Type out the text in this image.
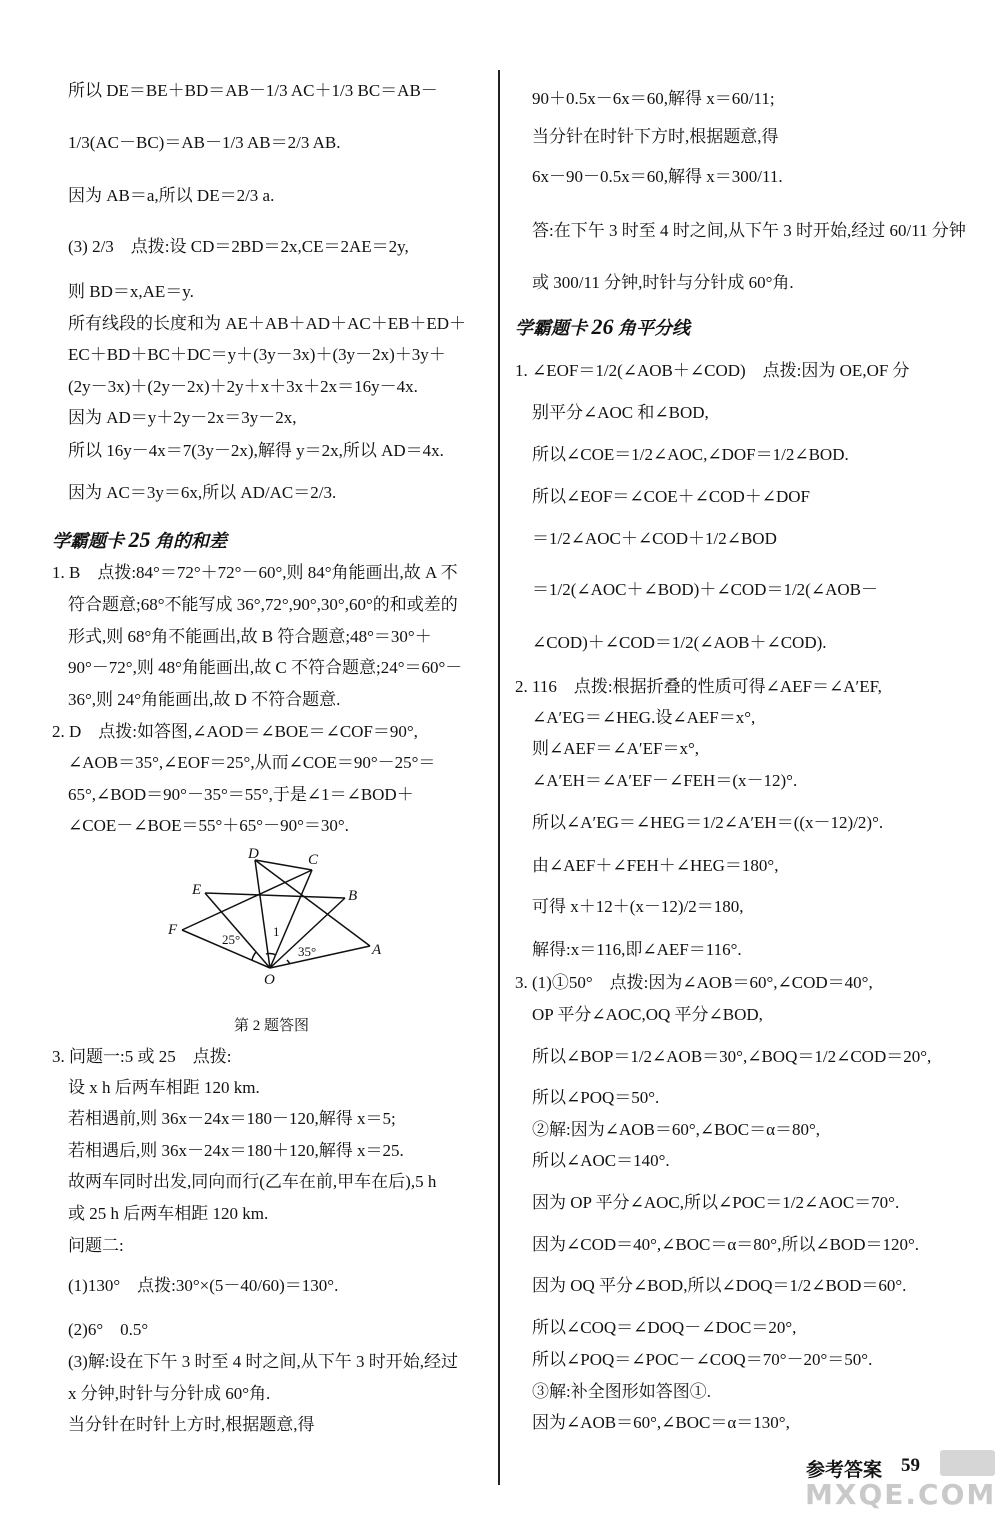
所以 DE＝BE＋BD＝AB－1/3 AC＋1/3 BC＝AB－
1/3(AC－BC)＝AB－1/3 AB＝2/3 AB.
因为 AB＝a,所以 DE＝2/3 a.
(3) 2/3　点拨:设 CD＝2BD＝2x,CE＝2AE＝2y,
则 BD＝x,AE＝y.
所有线段的长度和为 AE＋AB＋AD＋AC＋EB＋ED＋
EC＋BD＋BC＋DC＝y＋(3y－3x)＋(3y－2x)＋3y＋
(2y－3x)＋(2y－2x)＋2y＋x＋3x＋2x＝16y－4x.
因为 AD＝y＋2y－2x＝3y－2x,
所以 16y－4x＝7(3y－2x),解得 y＝2x,所以 AD＝4x.
因为 AC＝3y＝6x,所以 AD/AC＝2/3.
学霸题卡 25 角的和差
1. B　点拨:84°＝72°＋72°－60°,则 84°角能画出,故 A 不
符合题意;68°不能写成 36°,72°,90°,30°,60°的和或差的
形式,则 68°角不能画出,故 B 符合题意;48°＝30°＋
90°－72°,则 48°角能画出,故 C 不符合题意;24°＝60°－
36°,则 24°角能画出,故 D 不符合题意.
2. D　点拨:如答图,∠AOD＝∠BOE＝∠COF＝90°,
∠AOB＝35°,∠EOF＝25°,从而∠COE＝90°－25°＝
65°,∠BOD＝90°－35°＝55°,于是∠1＝∠BOD＋
∠COE－∠BOE＝55°＋65°－90°＝30°.
D	C
E	B
F
A
O
25°
1
35°
第 2 题答图
3. 问题一:5 或 25　点拨:
设 x h 后两车相距 120 km.
若相遇前,则 36x－24x＝180－120,解得 x＝5;
若相遇后,则 36x－24x＝180＋120,解得 x＝25.
故两车同时出发,同向而行(乙车在前,甲车在后),5 h
或 25 h 后两车相距 120 km.
问题二:
(1)130°　点拨:30°×(5－40/60)＝130°.
(2)6°　0.5°
(3)解:设在下午 3 时至 4 时之间,从下午 3 时开始,经过
x 分钟,时针与分针成 60°角.
当分针在时针上方时,根据题意,得
90＋0.5x－6x＝60,解得 x＝60/11;
当分针在时针下方时,根据题意,得
6x－90－0.5x＝60,解得 x＝300/11.
答:在下午 3 时至 4 时之间,从下午 3 时开始,经过 60/11 分钟
或 300/11 分钟,时针与分针成 60°角.
学霸题卡 26 角平分线
1. ∠EOF＝1/2(∠AOB＋∠COD)　点拨:因为 OE,OF 分
别平分∠AOC 和∠BOD,
所以∠COE＝1/2∠AOC,∠DOF＝1/2∠BOD.
所以∠EOF＝∠COE＋∠COD＋∠DOF
＝1/2∠AOC＋∠COD＋1/2∠BOD
＝1/2(∠AOC＋∠BOD)＋∠COD＝1/2(∠AOB－
∠COD)＋∠COD＝1/2(∠AOB＋∠COD).
2. 116　点拨:根据折叠的性质可得∠AEF＝∠A′EF,
∠A′EG＝∠HEG.设∠AEF＝x°,
则∠AEF＝∠A′EF＝x°,
∠A′EH＝∠A′EF－∠FEH＝(x－12)°.
所以∠A′EG＝∠HEG＝1/2∠A′EH＝((x－12)/2)°.
由∠AEF＋∠FEH＋∠HEG＝180°,
可得 x＋12＋(x－12)/2＝180,
解得:x＝116,即∠AEF＝116°.
3. (1)①50°　点拨:因为∠AOB＝60°,∠COD＝40°,
OP 平分∠AOC,OQ 平分∠BOD,
所以∠BOP＝1/2∠AOB＝30°,∠BOQ＝1/2∠COD＝20°,
所以∠POQ＝50°.
②解:因为∠AOB＝60°,∠BOC＝α＝80°,
所以∠AOC＝140°.
因为 OP 平分∠AOC,所以∠POC＝1/2∠AOC＝70°.
因为∠COD＝40°,∠BOC＝α＝80°,所以∠BOD＝120°.
因为 OQ 平分∠BOD,所以∠DOQ＝1/2∠BOD＝60°.
所以∠COQ＝∠DOQ－∠DOC＝20°,
所以∠POQ＝∠POC－∠COQ＝70°－20°＝50°.
③解:补全图形如答图①.
因为∠AOB＝60°,∠BOC＝α＝130°,
参考答案 59
MXQE.COM
